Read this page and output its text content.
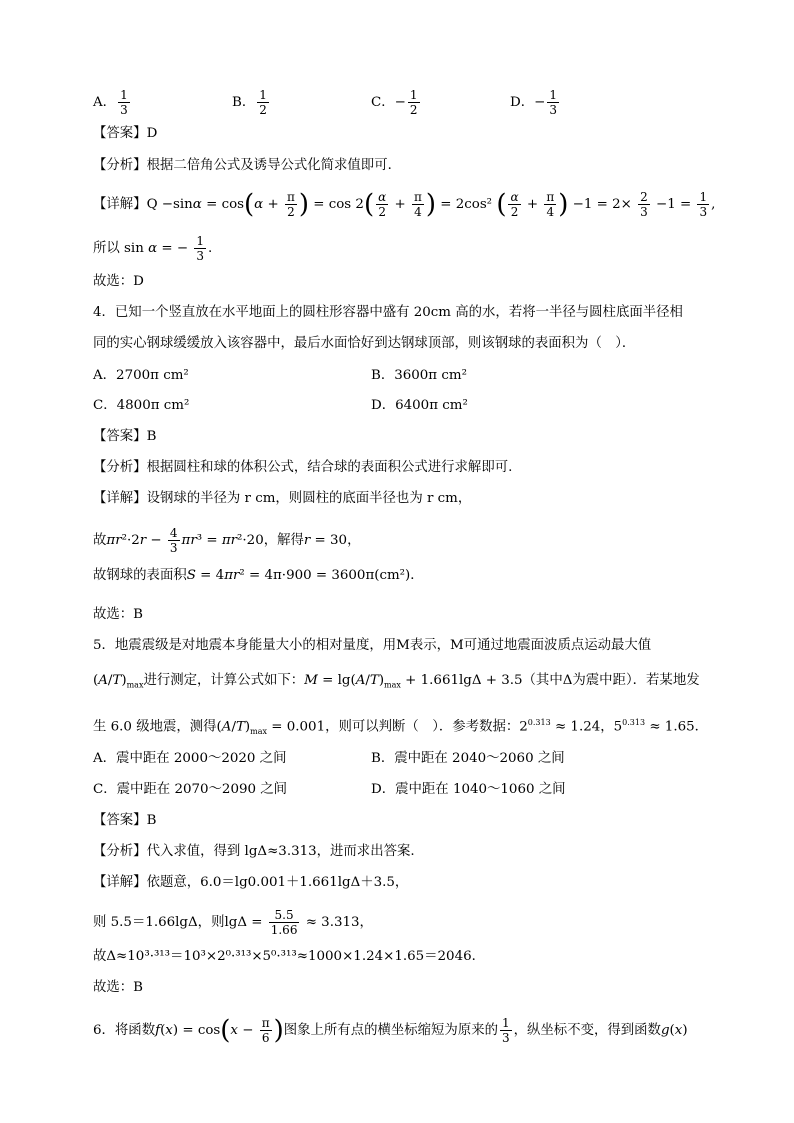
A． $\frac{1}{3}$	B． $\frac{1}{2}$	C．− $\frac{1}{2}$	D．− $\frac{1}{3}$
【答案】D
【分析】根据二倍角公式及诱导公式化简求值即可．
【详解】$Q -\sin\alpha = \cos(\alpha + \frac{\pi}{2}$ ) = $\cos 2( \frac{\alpha}{2} + \frac{\pi}{4}$ ) = 2cos² ( $\frac{\alpha}{2} + \frac{\pi}{4}$ ) $-1 = 2\times \frac{2}{3} -1 = \frac{1}{3}$ ,
所以 sin α = − $\frac{1}{3}$ .
故选：D
4．已知一个竖直放在水平地面上的圆柱形容器中盛有 20cm 高的水，若将一半径与圆柱底面半径相
同的实心钢球缓缓放入该容器中，最后水面恰好到达钢球顶部，则该钢球的表面积为（　）．
A．2700π cm²	B．3600π cm²
C．4800π cm²	D．6400π cm²
【答案】B
【分析】根据圆柱和球的体积公式，结合球的表面积公式进行求解即可.
【详解】设钢球的半径为 r cm，则圆柱的底面半径也为 r cm，
故$\pi r^2\cdot 2r - \frac{4}{3} \pi r^3 = \pi r^2\cdot 20$，解得r = 30，
故钢球的表面积S = 4πr² = 4π·900 = 3600π(cm²)．
故选：B
5．地震震级是对地震本身能量大小的相对量度，用M表示，M可通过地震面波质点运动最大值
$(A/T)_{max}$进行测定，计算公式如下：$M = \lg(A/T)_{max} + 1.661\lg\Delta + 3.5$（其中Δ为震中距）．若某地发
生 6.0 级地震，测得$(A/T)_{max} = 0.001$，则可以判断（　）．参考数据：$2^{0.313} \approx 1.24$，$5^{0.313} \approx 1.65$．
A．震中距在 2000～2020 之间	B．震中距在 2040～2060 之间
C．震中距在 2070～2090 之间	D．震中距在 1040～1060 之间
【答案】B
【分析】代入求值，得到 lgΔ≈3.313，进而求出答案.
【详解】依题意，6.0＝lg0.001＋1.661lgΔ＋3.5，
则 5.5＝1.66lgΔ，则$\lg\Delta = \frac{5.5}{1.66} \approx 3.313$，
故Δ≈10³·³¹³＝10³×2⁰·³¹³×5⁰·³¹³≈1000×1.24×1.65＝2046．
故选：B
6．将函数$f(x) = \cos(x - \frac{\pi}{6}$ )图象上所有点的横坐标缩短为原来的 $\frac{1}{3}$ ，纵坐标不变，得到函数g(x)
